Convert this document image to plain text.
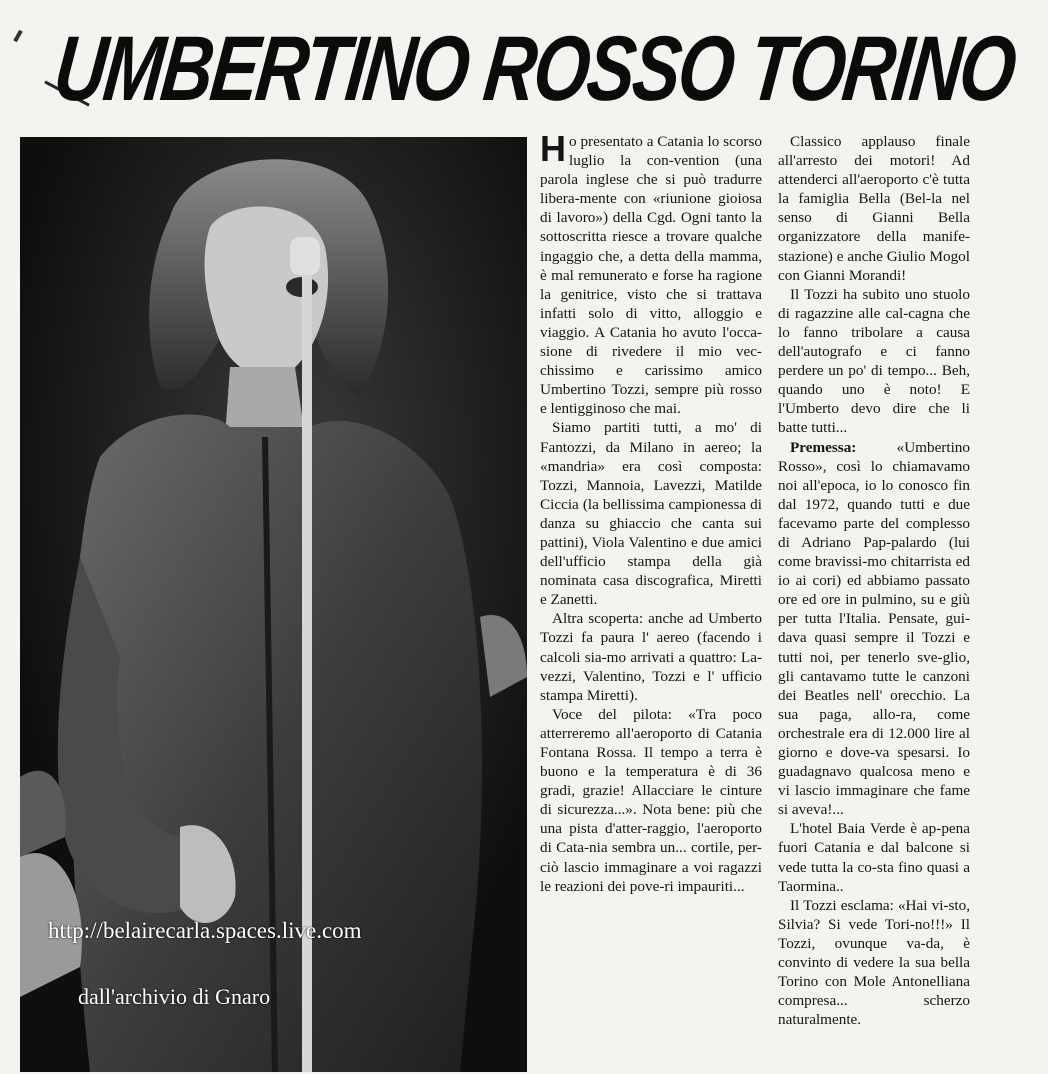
UMBERTINO ROSSO TORINO
http://belairecarla.spaces.live.com
dall'archivio di Gnaro

Ho presentato a Catania lo scorso luglio la con-vention (una parola inglese che si può tradurre libera-mente con «riunione gioiosa di lavoro») della Cgd. Ogni tanto la sottoscritta riesce a trovare qualche ingaggio che, a detta della mamma, è mal remunerato e forse ha ragione la genitrice, visto che si trattava infatti solo di vitto, alloggio e viaggio. A Catania ho avuto l'occa-sione di rivedere il mio vec-chissimo e carissimo amico Umbertino Tozzi, sempre più rosso e lentigginoso che mai.

Siamo partiti tutti, a mo' di Fantozzi, da Milano in aereo; la «mandria» era così composta: Tozzi, Mannoia, Lavezzi, Matilde Ciccia (la bellissima campionessa di danza su ghiaccio che canta sui pattini), Viola Valentino e due amici dell'ufficio stampa della già nominata casa discografica, Miretti e Zanetti.

Altra scoperta: anche ad Umberto Tozzi fa paura l' aereo (facendo i calcoli sia-mo arrivati a quattro: La-vezzi, Valentino, Tozzi e l' ufficio stampa Miretti).

Voce del pilota: «Tra poco atterreremo all'aeroporto di Catania Fontana Rossa. Il tempo a terra è buono e la temperatura è di 36 gradi, grazie! Allacciare le cinture di sicurezza...». Nota bene: più che una pista d'atter-raggio, l'aeroporto di Cata-nia sembra un... cortile, per-ciò lascio immaginare a voi ragazzi le reazioni dei pove-ri impauriti...

Classico applauso finale all'arresto dei motori! Ad attenderci all'aeroporto c'è tutta la famiglia Bella (Bel-la nel senso di Gianni Bella organizzatore della manife-stazione) e anche Giulio Mogol con Gianni Morandi!

Il Tozzi ha subito uno stuolo di ragazzine alle cal-cagna che lo fanno tribolare a causa dell'autografo e ci fanno perdere un po' di tempo... Beh, quando uno è noto! E l'Umberto devo dire che li batte tutti...

Premessa: «Umbertino Rosso», così lo chiamavamo noi all'epoca, io lo conosco fin dal 1972, quando tutti e due facevamo parte del complesso di Adriano Pap-palardo (lui come bravissi-mo chitarrista ed io ai cori) ed abbiamo passato ore ed ore in pulmino, su e giù per tutta l'Italia. Pensate, gui-dava quasi sempre il Tozzi e tutti noi, per tenerlo sve-glio, gli cantavamo tutte le canzoni dei Beatles nell' orecchio. La sua paga, allo-ra, come orchestrale era di 12.000 lire al giorno e dove-va spesarsi. Io guadagnavo qualcosa meno e vi lascio immaginare che fame si aveva!...

L'hotel Baia Verde è ap-pena fuori Catania e dal balcone si vede tutta la co-sta fino quasi a Taormina..

Il Tozzi esclama: «Hai vi-sto, Silvia? Si vede Tori-no!!!» Il Tozzi, ovunque va-da, è convinto di vedere la sua bella Torino con Mole Antonelliana compresa... scherzo naturalmente.
